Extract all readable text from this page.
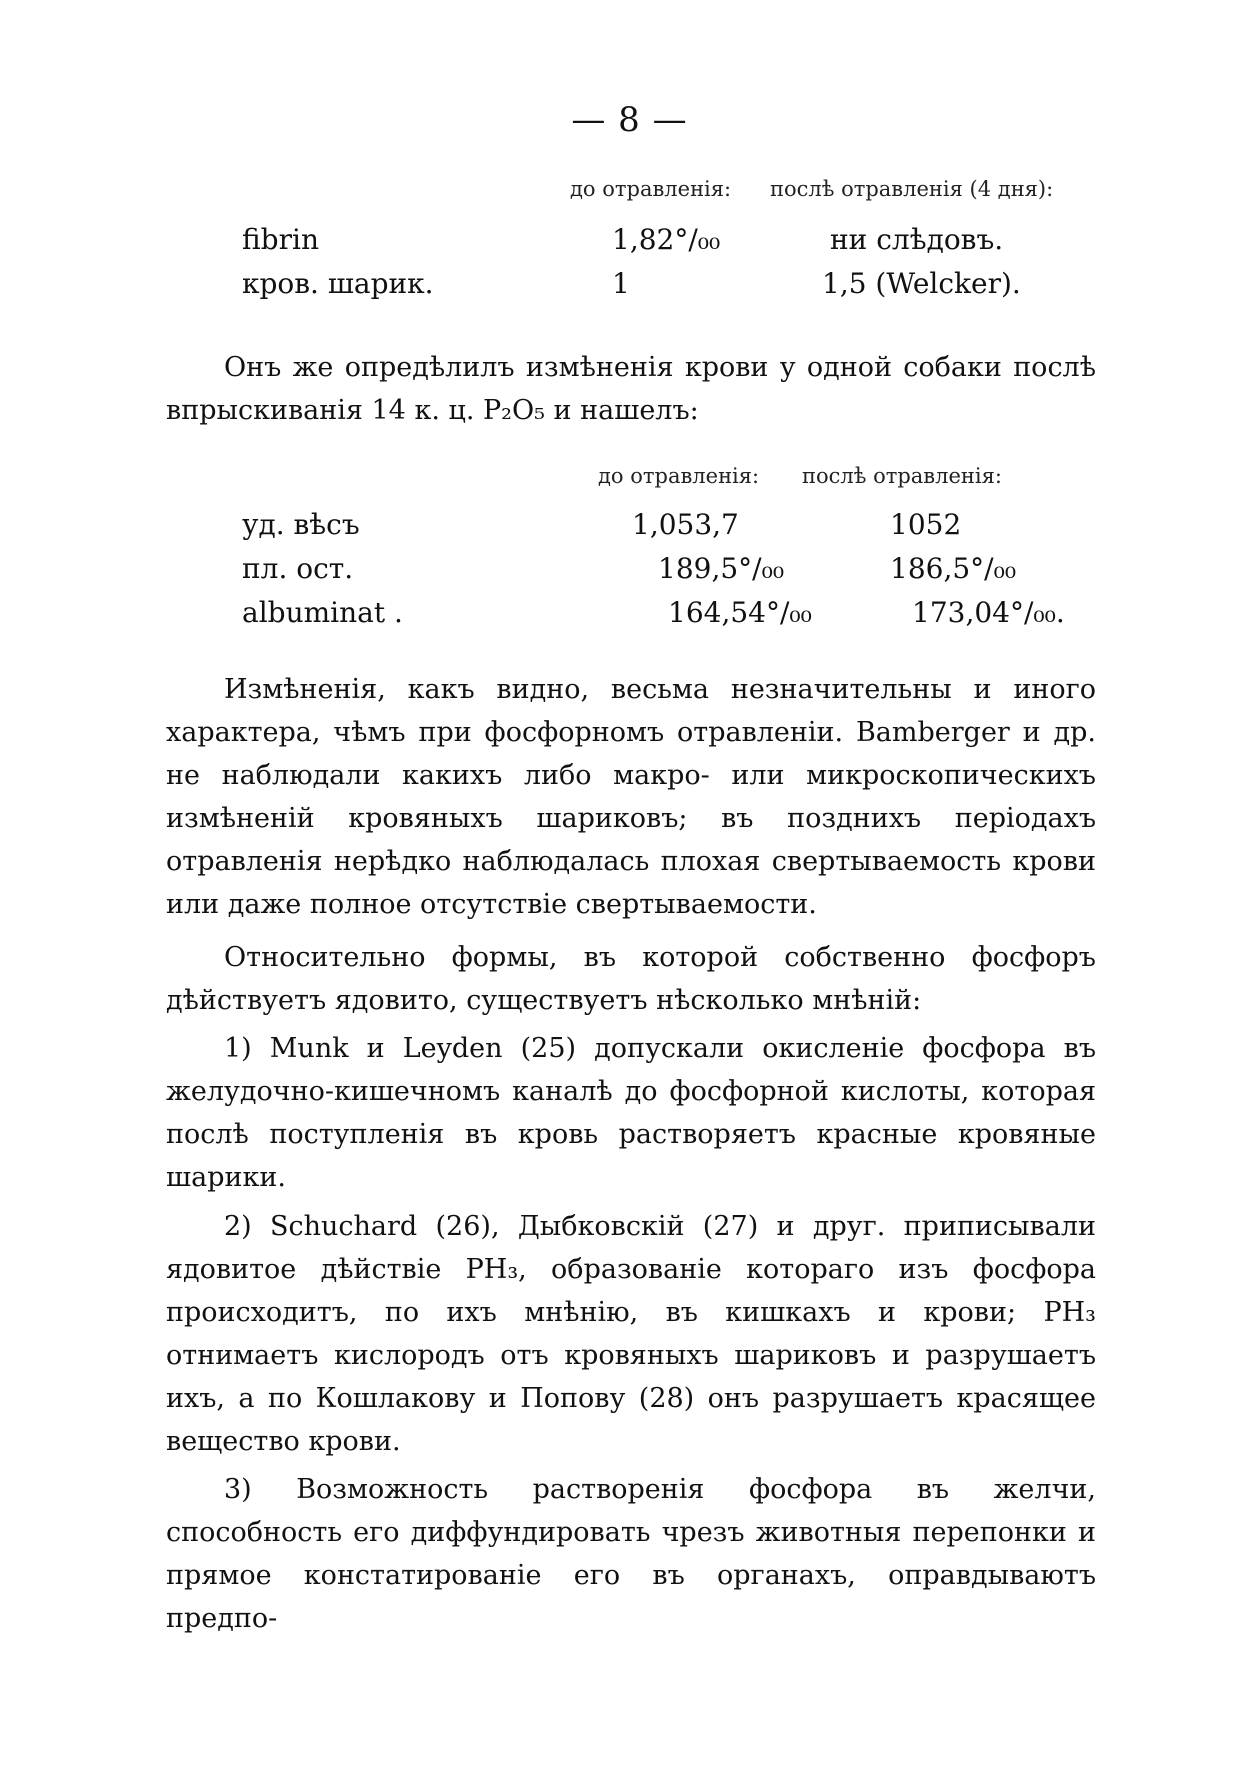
— 8 —
до отравленія: послѣ отравленія (4 дня):
fibrin	1,82°/₀₀	ни слѣдовъ.
кров. шарик.	1	1,5 (Welcker).

Онъ же опредѣлилъ измѣненія крови у одной собаки послѣ впрыскиванія 14 к. ц. P₂O₅ и нашелъ:

до отравленія: послѣ отравленія:
уд. вѣсъ	1,053,7	1052
пл. ост.	189,5°/₀₀	186,5°/₀₀
albuminat .	164,54°/₀₀	173,04°/₀₀.

Измѣненія, какъ видно, весьма незначительны и иного характера, чѣмъ при фосфорномъ отравленіи. Bamberger и др. не наблюдали какихъ либо макро- или микроскопическихъ измѣненій кровяныхъ шариковъ; въ позднихъ періодахъ отравленія нерѣдко наблюдалась плохая свертываемость крови или даже полное отсутствіе свертываемости.

Относительно формы, въ которой собственно фосфоръ дѣйствуетъ ядовито, существуетъ нѣсколько мнѣній:

1) Munk и Leyden (25) допускали окисленіе фосфора въ желудочно-кишечномъ каналѣ до фосфорной кислоты, которая послѣ поступленія въ кровь растворяетъ красные кровяные шарики.

2) Schuchard (26), Дыбковскій (27) и друг. приписывали ядовитое дѣйствіе PH₃, образованіе котораго изъ фосфора происходитъ, по ихъ мнѣнію, въ кишкахъ и крови; PH₃ отнимаетъ кислородъ отъ кровяныхъ шариковъ и разрушаетъ ихъ, а по Кошлакову и Попову (28) онъ разрушаетъ красящее вещество крови.

3) Возможность растворенія фосфора въ желчи, способность его диффундировать чрезъ животныя перепонки и прямое констатированіе его въ органахъ, оправдываютъ предпо-
